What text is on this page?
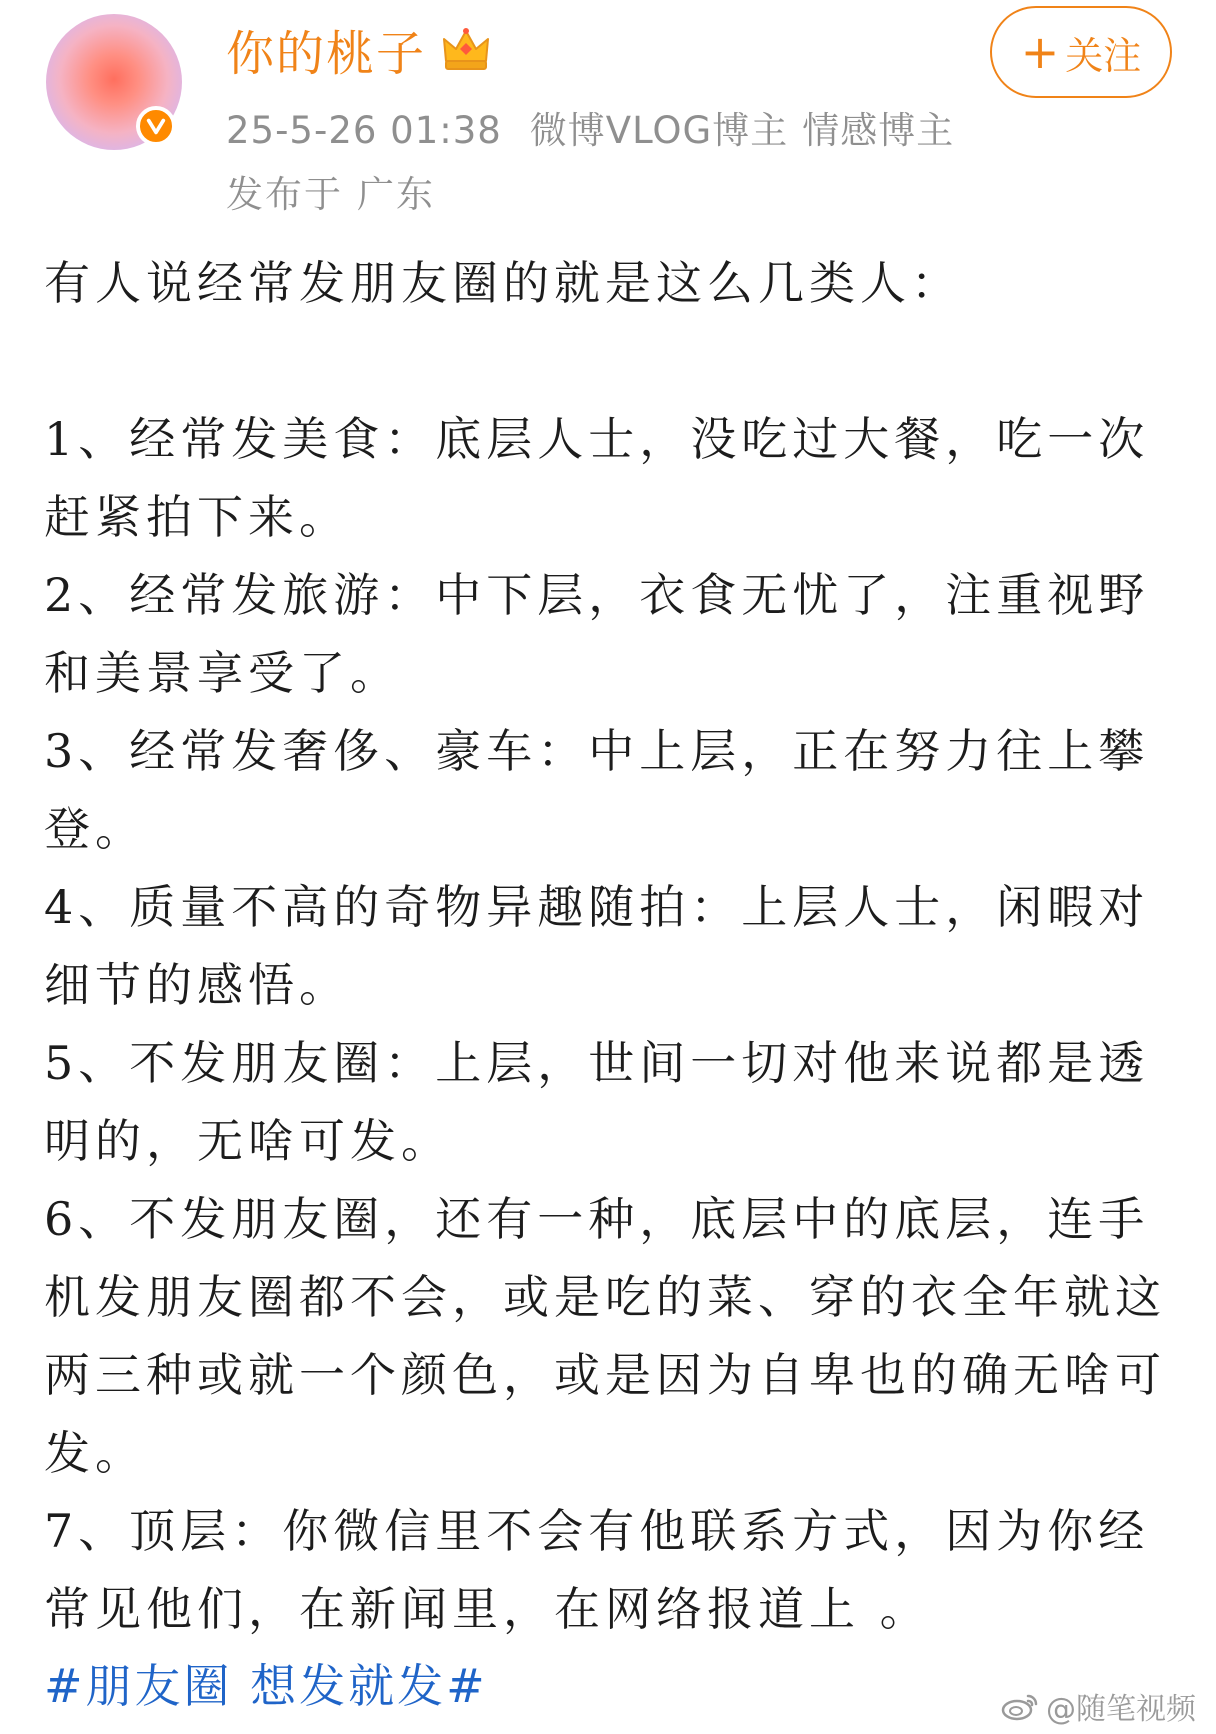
你的桃子
25-5-26 01:38 微博VLOG博主 情感博主
发布于 广东
+ 关注

有人说经常发朋友圈的就是这么几类人：

1、经常发美食：底层人士，没吃过大餐，吃一次赶紧拍下来。

2、经常发旅游：中下层，衣食无忧了，注重视野和美景享受了。

3、经常发奢侈、豪车：中上层，正在努力往上攀登。

4、质量不高的奇物异趣随拍：上层人士，闲暇对细节的感悟。

5、不发朋友圈：上层，世间一切对他来说都是透明的，无啥可发。

6、不发朋友圈，还有一种，底层中的底层，连手机发朋友圈都不会，或是吃的菜、穿的衣全年就这两三种或就一个颜色，或是因为自卑也的确无啥可发。

7、顶层：你微信里不会有他联系方式，因为你经常见他们，在新闻里，在网络报道上 。

#朋友圈 想发就发#	@随笔视频
